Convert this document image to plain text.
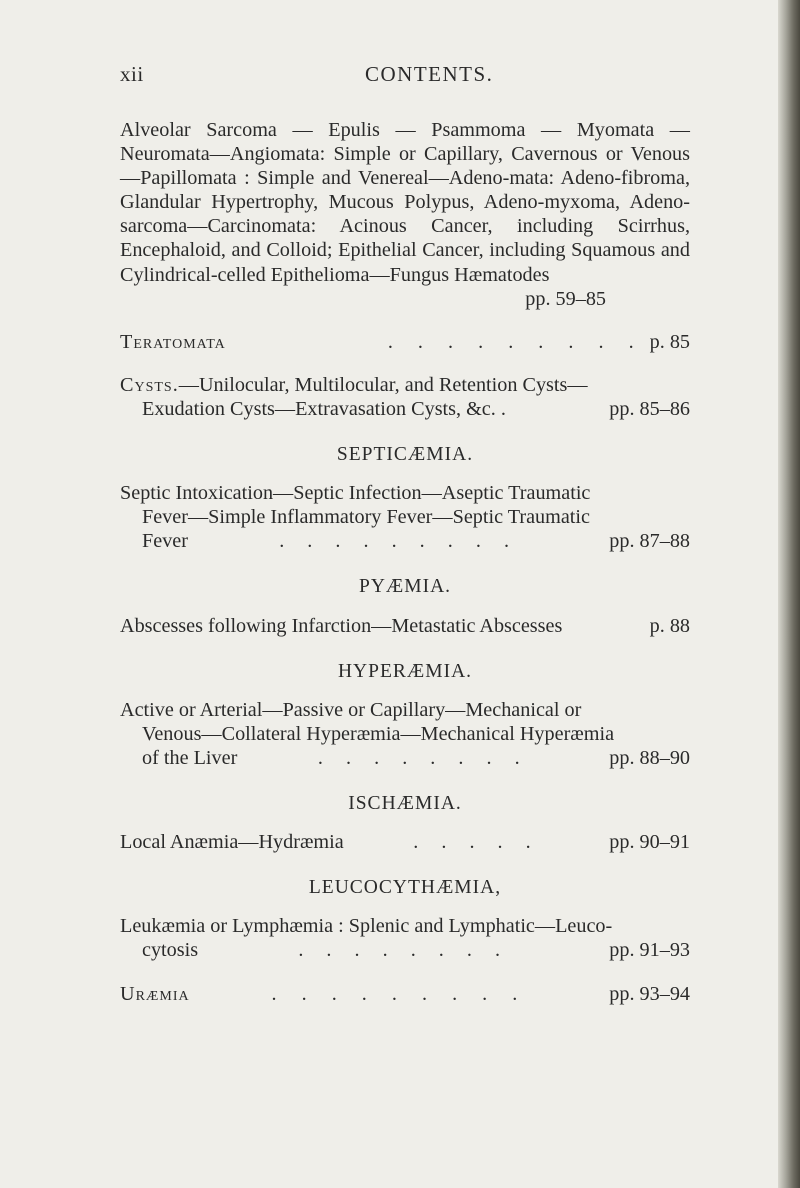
xii	CONTENTS.
Alveolar Sarcoma — Epulis — Psammoma — Myomata — Neuromata—Angiomata: Simple or Capillary, Cavernous or Venous—Papillomata : Simple and Venereal—Adeno-mata: Adeno-fibroma, Glandular Hypertrophy, Mucous Polypus, Adeno-myxoma, Adeno-sarcoma—Carcinomata: Acinous Cancer, including Scirrhus, Encephaloid, and Colloid; Epithelial Cancer, including Squamous and Cylindrical-celled Epithelioma—Fungus Hæmatodes
pp. 59–85
Teratomata	. . . . . . . . . p. 85
Cysts.—Unilocular, Multilocular, and Retention Cysts—
Exudation Cysts—Extravasation Cysts, &c. .	pp. 85–86

SEPTICÆMIA.

Septic Intoxication—Septic Infection—Aseptic Traumatic
Fever—Simple Inflammatory Fever—Septic Traumatic
Fever	. . . . . . . . .	pp. 87–88

PYÆMIA.

Abscesses following Infarction—Metastatic Abscesses	p. 88

HYPERÆMIA.

Active or Arterial—Passive or Capillary—Mechanical or
Venous—Collateral Hyperæmia—Mechanical Hyperæmia
of the Liver	. . . . . . . .	pp. 88–90

ISCHÆMIA.

Local Anæmia—Hydræmia	. . . . .	pp. 90–91

LEUCOCYTHÆMIA,

Leukæmia or Lymphæmia : Splenic and Lymphatic—Leuco-
cytosis	. . . . . . . .	pp. 91–93
Uræmia	. . . . . . . . .	pp. 93–94
